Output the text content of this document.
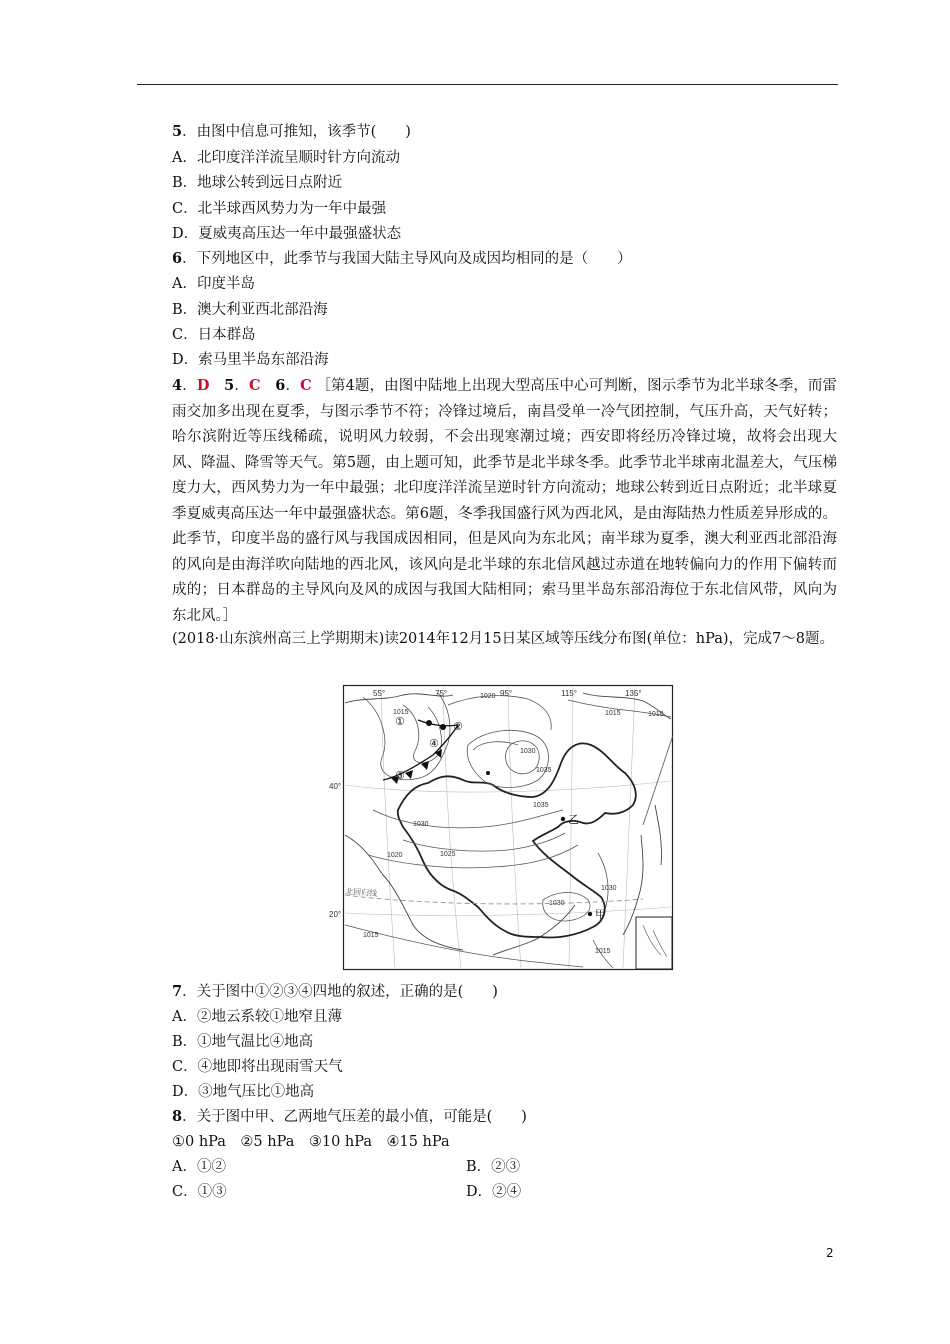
5．由图中信息可推知，该季节(　　)
A．北印度洋洋流呈顺时针方向流动
B．地球公转到远日点附近
C．北半球西风势力为一年中最强
D．夏威夷高压达一年中最强盛状态
6．下列地区中，此季节与我国大陆主导风向及成因均相同的是（　　）
A．印度半岛
B．澳大利亚西北部沿海
C．日本群岛
D．索马里半岛东部沿海
4．D　 5．C　 6．C ［第4题，由图中陆地上出现大型高压中心可判断，图示季节为北半球冬季，而雷雨交加多出现在夏季，与图示季节不符；冷锋过境后，南昌受单一冷气团控制，气压升高，天气好转；哈尔滨附近等压线稀疏，说明风力较弱，不会出现寒潮过境；西安即将经历冷锋过境，故将会出现大风、降温、降雪等天气。第5题，由上题可知，此季节是北半球冬季。此季节北半球南北温差大，气压梯度力大，西风势力为一年中最强；北印度洋洋流呈逆时针方向流动；地球公转到近日点附近；北半球夏季夏威夷高压达一年中最强盛状态。第6题，冬季我国盛行风为西北风，是由海陆热力性质差异形成的。此季节，印度半岛的盛行风与我国成因相同，但是风向为东北风；南半球为夏季，澳大利亚西北部沿海的风向是由海洋吹向陆地的西北风，该风向是北半球的东北信风越过赤道在地转偏向力的作用下偏转而成的；日本群岛的主导风向及风的成因与我国大陆相同；索马里半岛东部沿海位于东北信风带，风向为东北风。］
(2018·山东滨州高三上学期期末)读2014年12月15日某区域等压线分布图(单位：hPa)，完成7～8题。
55°	75°	95°	115°	135°
40°
20°
1015
1020
1015	1010
1030
1035
1035
1030
1020	1025
1030
1030
1015
1015
①	②
③
④
乙
甲
北回归线
7．关于图中①②③④四地的叙述，正确的是(　　)
A．②地云系较①地窄且薄
B．①地气温比④地高
C．④地即将出现雨雪天气
D．③地气压比①地高
8．关于图中甲、乙两地气压差的最小值，可能是(　　)
①0 hPa　②5 hPa　③10 hPa　④15 hPa
A．①②	B．②③
C．①③	D．②④
2
